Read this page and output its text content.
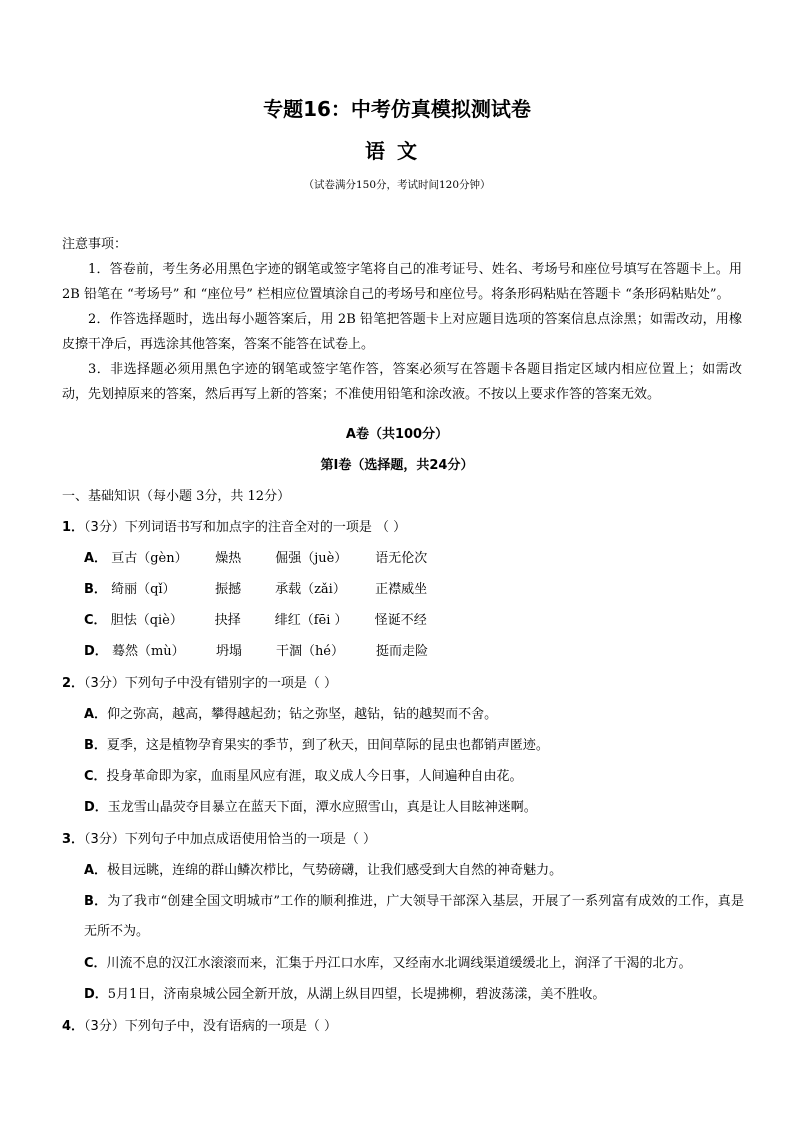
专题16：中考仿真模拟测试卷
语文
（试卷满分150分，考试时间120分钟）
注意事项：
1．答卷前，考生务必用黑色字迹的钢笔或签字笔将自己的准考证号、姓名、考场号和座位号填写在答题卡上。用 2B 铅笔在 “考场号” 和 “座位号” 栏相应位置填涂自己的考场号和座位号。将条形码粘贴在答题卡 “条形码粘贴处”。
2．作答选择题时，选出每小题答案后，用 2B 铅笔把答题卡上对应题目选项的答案信息点涂黑；如需改动，用橡皮擦干净后，再选涂其他答案，答案不能答在试卷上。
3．非选择题必须用黑色字迹的钢笔或签字笔作答，答案必须写在答题卡各题目指定区域内相应位置上；如需改动，先划掉原来的答案，然后再写上新的答案；不准使用铅笔和涂改液。不按以上要求作答的答案无效。
A卷（共100分）
第Ⅰ卷（选择题，共24分）
一、基础知识（每小题 3分，共 12分）
1．（3分）下列词语书写和加点字的注音全对的一项是 （ ）
A． 亘古（gèn） 燥热	倔强（juè） 语无伦次
B． 绮丽（qǐ）	振撼	承载（zǎi） 正襟威坐
C． 胆怯（qiè） 抉择	绯红（fēi ） 怪诞不经
D． 蓦然（mù） 坍塌	干涸（hé） 挺而走险
2．（3分）下列句子中没有错别字的一项是（ ）
A．仰之弥高，越高，攀得越起劲；钻之弥坚，越钻，钻的越契而不舍。
B．夏季，这是植物孕育果实的季节，到了秋天，田间草际的昆虫也都销声匿迹。
C．投身革命即为家，血雨星风应有涯，取义成人今日事，人间遍种自由花。
D．玉龙雪山晶荧夺目暴立在蓝天下面，潭水应照雪山，真是让人目眩神迷啊。
3．（3分）下列句子中加点成语使用恰当的一项是（ ）
A．极目远眺，连绵的群山鳞次栉比，气势磅礴，让我们感受到大自然的神奇魅力。
B．为了我市“创建全国文明城市”工作的顺利推进，广大领导干部深入基层，开展了一系列富有成效的工作，真是无所不为。
C．川流不息的汉江水滚滚而来，汇集于丹江口水库，又经南水北调线渠道缓缓北上，润泽了干渴的北方。
D．5月1日，济南泉城公园全新开放，从湖上纵目四望，长堤拂柳，碧波荡漾，美不胜收。
4．（3分）下列句子中，没有语病的一项是（ ）
